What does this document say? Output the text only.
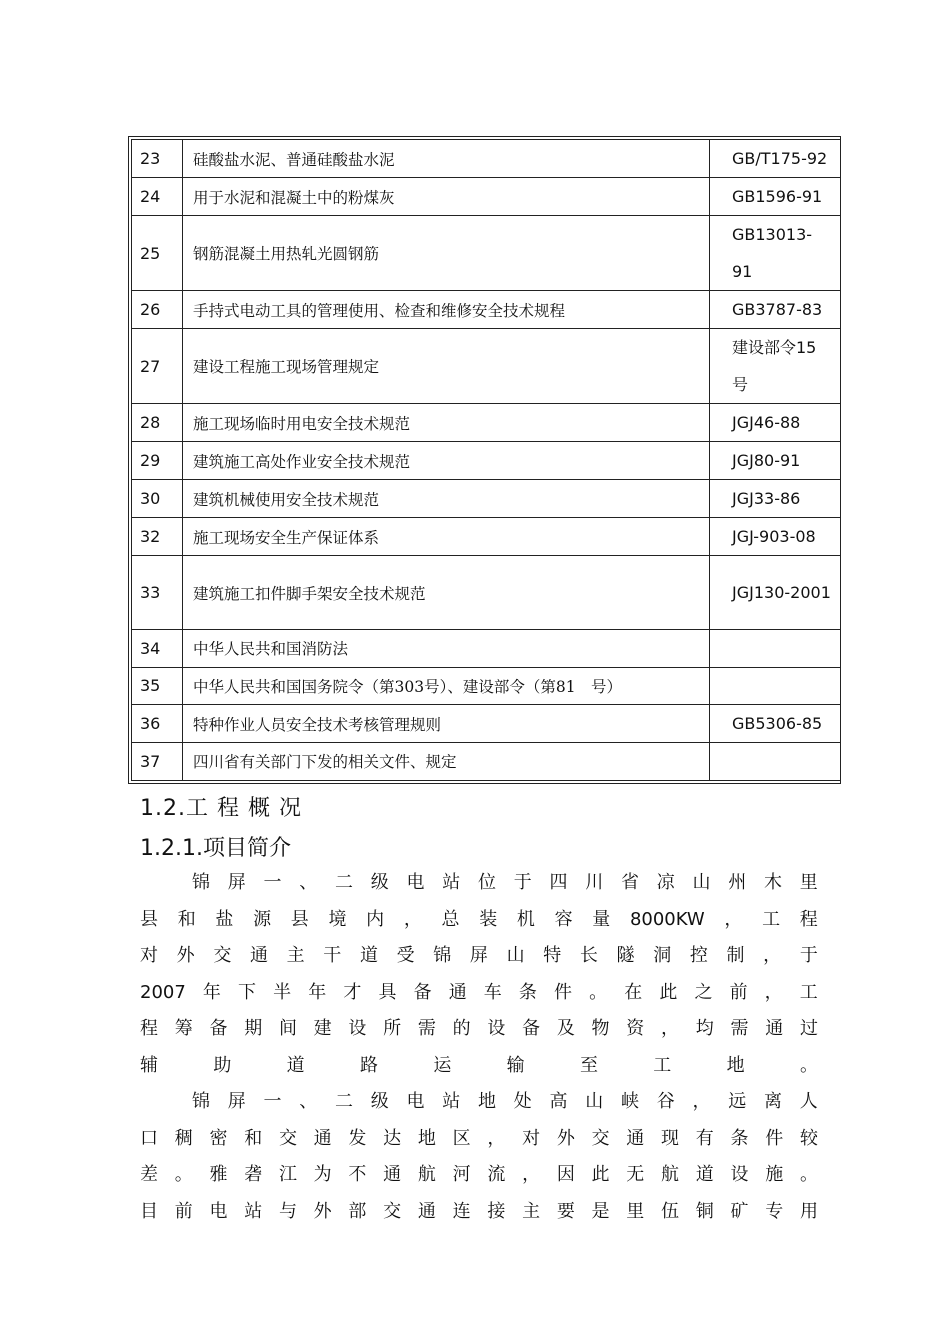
23	硅酸盐水泥、普通硅酸盐水泥	GB/T175-92
24	用于水泥和混凝土中的粉煤灰	GB1596-91
25	钢筋混凝土用热轧光圆钢筋	GB13013-91
26	手持式电动工具的管理使用、检查和维修安全技术规程	GB3787-83
27	建设工程施工现场管理规定	建设部令15号
28	施工现场临时用电安全技术规范	JGJ46-88
29	建筑施工高处作业安全技术规范	JGJ80-91
30	建筑机械使用安全技术规范	JGJ33-86
32	施工现场安全生产保证体系	JGJ-903-08
33	建筑施工扣件脚手架安全技术规范	JGJ130-2001
34	中华人民共和国消防法	
35	中华人民共和国国务院令（第303号）、建设部令（第81　号）	
36	特种作业人员安全技术考核管理规则	GB5306-85
37	四川省有关部门下发的相关文件、规定	
1.2.工 程 概 况
1.2.1.项目简介
锦 屏 一 、 二 级 电 站 位 于 四 川 省 凉 山 州 木 里
县 和 盐 源 县 境 内 ， 总 装 机 容 量 8000KW ， 工 程
对 外 交 通 主 干 道 受 锦 屏 山 特 长 隧 洞 控 制 ， 于
2007 年 下 半 年 才 具 备 通 车 条 件 。 在 此 之 前 ， 工
程 筹 备 期 间 建 设 所 需 的 设 备 及 物 资 ， 均 需 通 过
辅	助	道	路	运	输	至	工	地	。
锦 屏 一 、 二 级 电 站 地 处 高 山 峡 谷 ， 远 离 人
口 稠 密 和 交 通 发 达 地 区 ， 对 外 交 通 现 有 条 件 较
差 。 雅 砻 江 为 不 通 航 河 流 ， 因 此 无 航 道 设 施 。
目 前 电 站 与 外 部 交 通 连 接 主 要 是 里 伍 铜 矿 专 用
